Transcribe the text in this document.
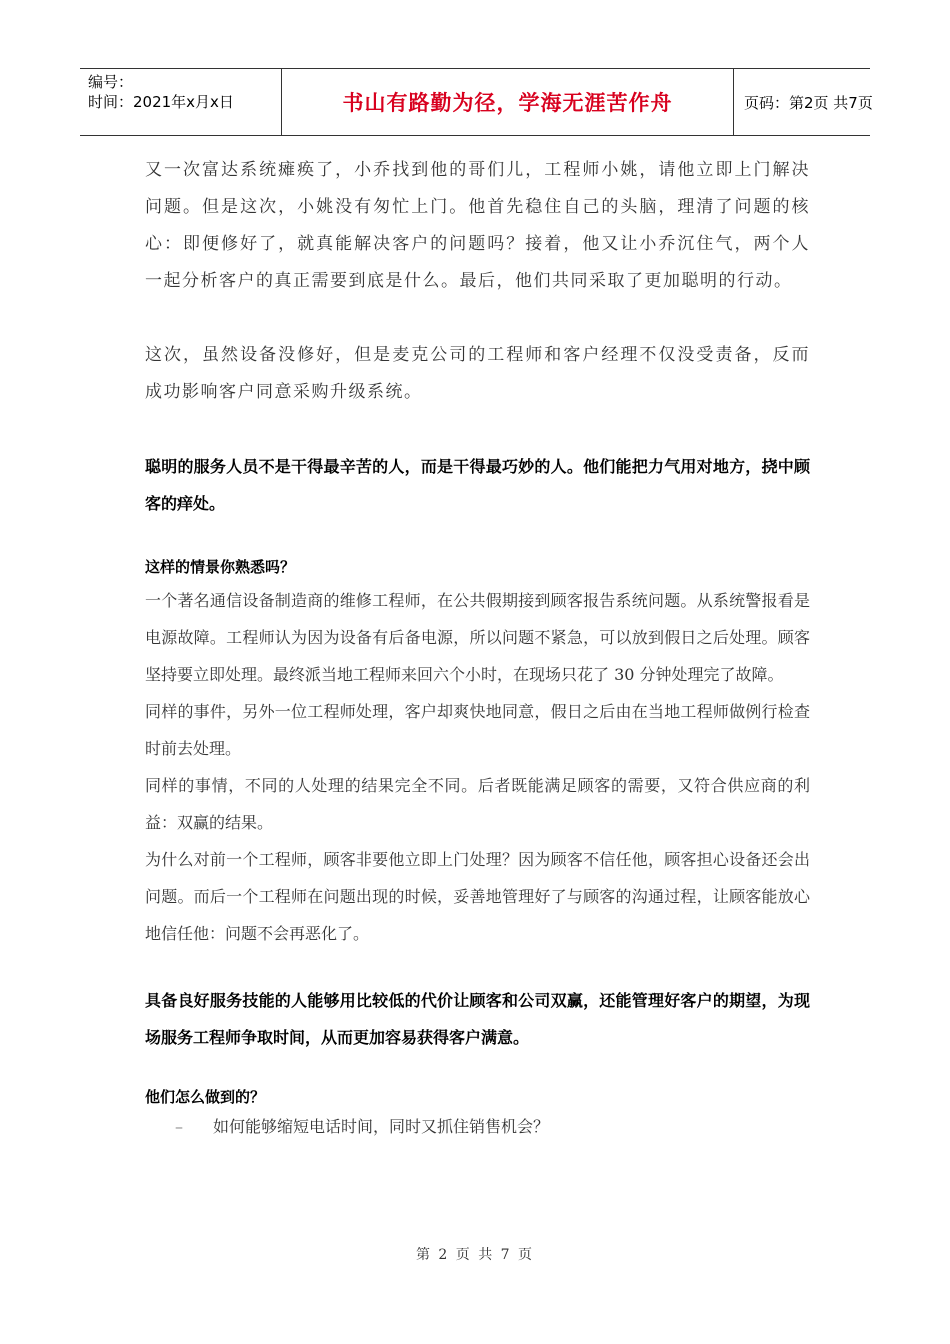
编号：
时间：2021年x月x日	书山有路勤为径，学海无涯苦作舟	页码：第2页 共7页

又一次富达系统瘫痪了，小乔找到他的哥们儿，工程师小姚，请他立即上门解决问题。但是这次，小姚没有匆忙上门。他首先稳住自己的头脑，理清了问题的核心：即便修好了，就真能解决客户的问题吗？接着，他又让小乔沉住气，两个人一起分析客户的真正需要到底是什么。最后，他们共同采取了更加聪明的行动。

这次，虽然设备没修好，但是麦克公司的工程师和客户经理不仅没受责备，反而成功影响客户同意采购升级系统。

聪明的服务人员不是干得最辛苦的人，而是干得最巧妙的人。他们能把力气用对地方，挠中顾客的痒处。

这样的情景你熟悉吗？

一个著名通信设备制造商的维修工程师，在公共假期接到顾客报告系统问题。从系统警报看是电源故障。工程师认为因为设备有后备电源，所以问题不紧急，可以放到假日之后处理。顾客坚持要立即处理。最终派当地工程师来回六个小时，在现场只花了 30 分钟处理完了故障。

同样的事件，另外一位工程师处理，客户却爽快地同意，假日之后由在当地工程师做例行检查时前去处理。

同样的事情，不同的人处理的结果完全不同。后者既能满足顾客的需要，又符合供应商的利益：双赢的结果。

为什么对前一个工程师，顾客非要他立即上门处理？因为顾客不信任他，顾客担心设备还会出问题。而后一个工程师在问题出现的时候，妥善地管理好了与顾客的沟通过程，让顾客能放心地信任他：问题不会再恶化了。

具备良好服务技能的人能够用比较低的代价让顾客和公司双赢，还能管理好客户的期望，为现场服务工程师争取时间，从而更加容易获得客户满意。

他们怎么做到的？

–	如何能够缩短电话时间，同时又抓住销售机会？
第 2 页 共 7 页
